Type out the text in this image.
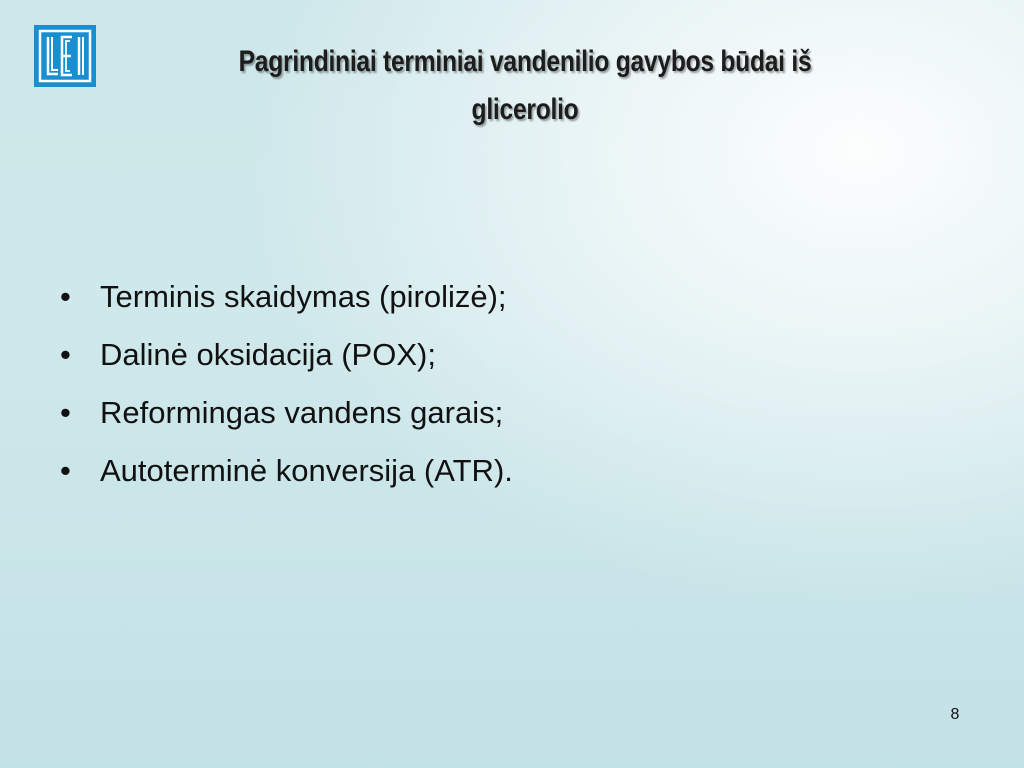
Pagrindiniai terminiai vandenilio gavybos būdai iš glicerolio
• Terminis skaidymas (pirolizė);
• Dalinė oksidacija (POX);
• Reformingas vandens garais;
• Autoterminė konversija (ATR).
8
